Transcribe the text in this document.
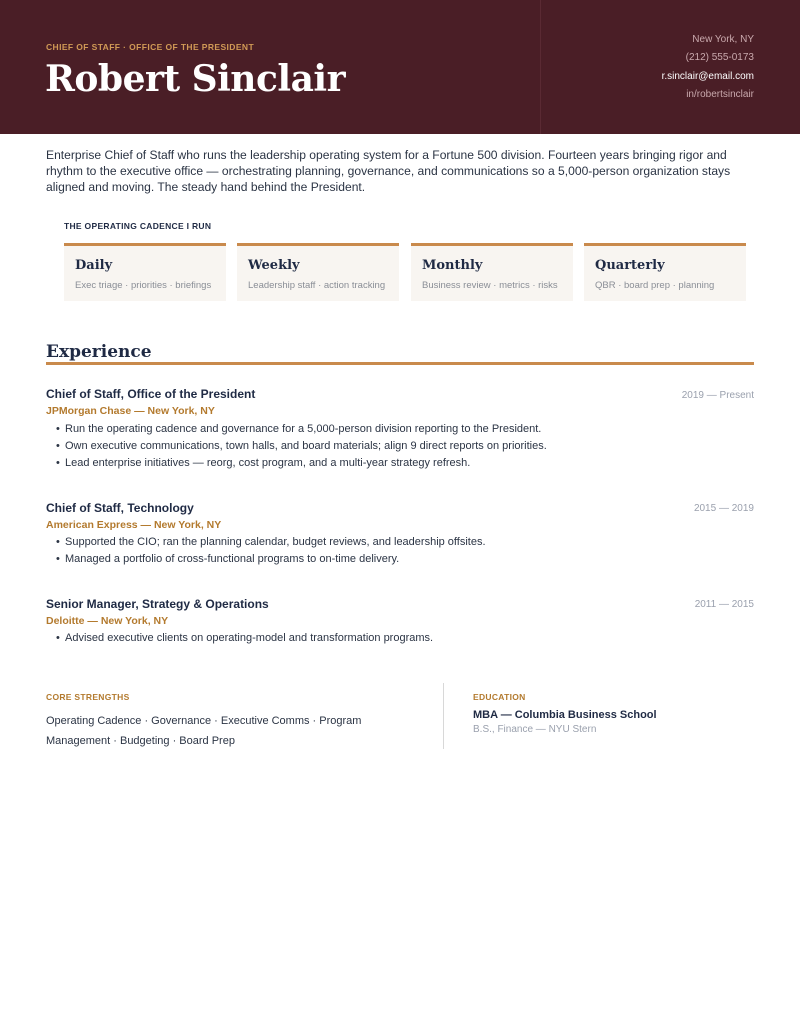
CHIEF OF STAFF · OFFICE OF THE PRESIDENT
Robert Sinclair
New York, NY
(212) 555-0173
r.sinclair@email.com
in/robertsinclair
Enterprise Chief of Staff who runs the leadership operating system for a Fortune 500 division. Fourteen years bringing rigor and rhythm to the executive office — orchestrating planning, governance, and communications so a 5,000-person organization stays aligned and moving. The steady hand behind the President.
THE OPERATING CADENCE I RUN
Daily
Exec triage · priorities · briefings
Weekly
Leadership staff · action tracking
Monthly
Business review · metrics · risks
Quarterly
QBR · board prep · planning
Experience
Chief of Staff, Office of the President	2019 — Present
JPMorgan Chase — New York, NY
• Run the operating cadence and governance for a 5,000-person division reporting to the President.
• Own executive communications, town halls, and board materials; align 9 direct reports on priorities.
• Lead enterprise initiatives — reorg, cost program, and a multi-year strategy refresh.
Chief of Staff, Technology	2015 — 2019
American Express — New York, NY
• Supported the CIO; ran the planning calendar, budget reviews, and leadership offsites.
• Managed a portfolio of cross-functional programs to on-time delivery.
Senior Manager, Strategy & Operations	2011 — 2015
Deloitte — New York, NY
• Advised executive clients on operating-model and transformation programs.
CORE STRENGTHS
Operating Cadence · Governance · Executive Comms · Program Management · Budgeting · Board Prep
EDUCATION
MBA — Columbia Business School
B.S., Finance — NYU Stern
